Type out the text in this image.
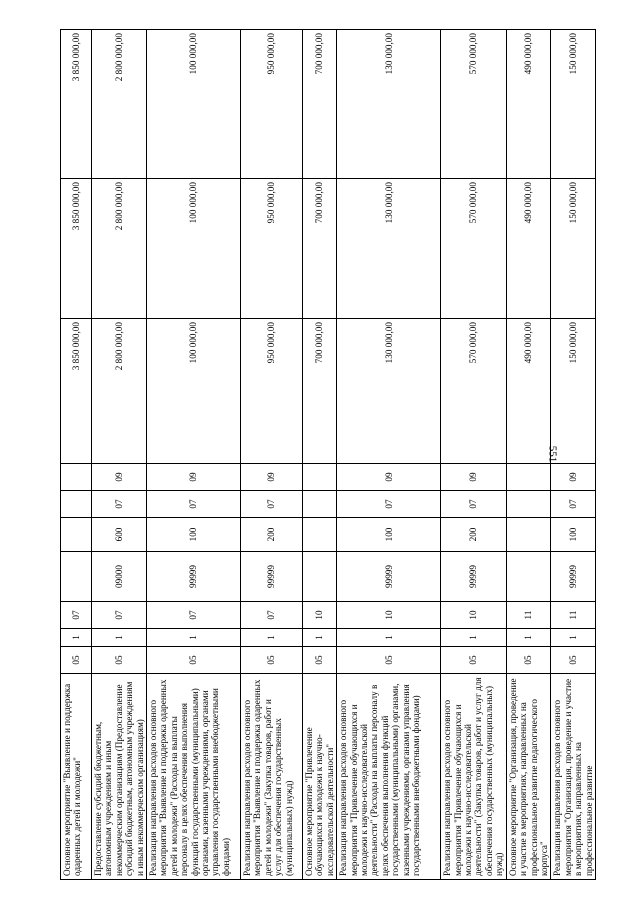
551
Основное мероприятие "Выявление и поддержка одаренных детей и молодежи"	05	1	07					3 850 000,00	3 850 000,00	3 850 000,00
Предоставление субсидий бюджетным, автономным учреждениям и иным некоммерческим организациям (Предоставление субсидий бюджетным, автономным учреждениям и иным некоммерческим организациям)	05	1	07	09000	600	07	09	2 800 000,00	2 800 000,00	2 800 000,00
Реализация направления расходов основного мероприятия "Выявление и поддержка одаренных детей и молодежи" (Расходы на выплаты персоналу в целях обеспечения выполнения функций государственными (муниципальными) органами, казенными учреждениями, органами управления государственными внебюджетными фондами)	05	1	07	99999	100	07	09	100 000,00	100 000,00	100 000,00
Реализация направления расходов основного мероприятия "Выявление и поддержка одаренных детей и молодежи" (Закупка товаров, работ и услуг для обеспечения государственных (муниципальных) нужд)	05	1	07	99999	200	07	09	950 000,00	950 000,00	950 000,00
Основное мероприятие "Привлечение обучающихся и молодежи к научно-исследовательской деятельности"	05	1	10					700 000,00	700 000,00	700 000,00
Реализация направления расходов основного мероприятия "Привлечение обучающихся и молодежи к научно-исследовательской деятельности" (Расходы на выплаты персоналу в целях обеспечения выполнения функций государственными (муниципальными) органами, казенными учреждениями, органами управления государственными внебюджетными фондами)	05	1	10	99999	100	07	09	130 000,00	130 000,00	130 000,00
Реализация направления расходов основного мероприятия "Привлечение обучающихся и молодежи к научно-исследовательской деятельности" (Закупка товаров, работ и услуг для обеспечения государственных (муниципальных) нужд)	05	1	10	99999	200	07	09	570 000,00	570 000,00	570 000,00
Основное мероприятие "Организация, проведение и участие в мероприятиях, направленных на профессиональное развитие педагогического корпуса"	05	1	11					490 000,00	490 000,00	490 000,00
Реализация направления расходов основного мероприятия "Организация, проведение и участие в мероприятиях, направленных на профессиональное развитие	05	1	11	99999	100	07	09	150 000,00	150 000,00	150 000,00
